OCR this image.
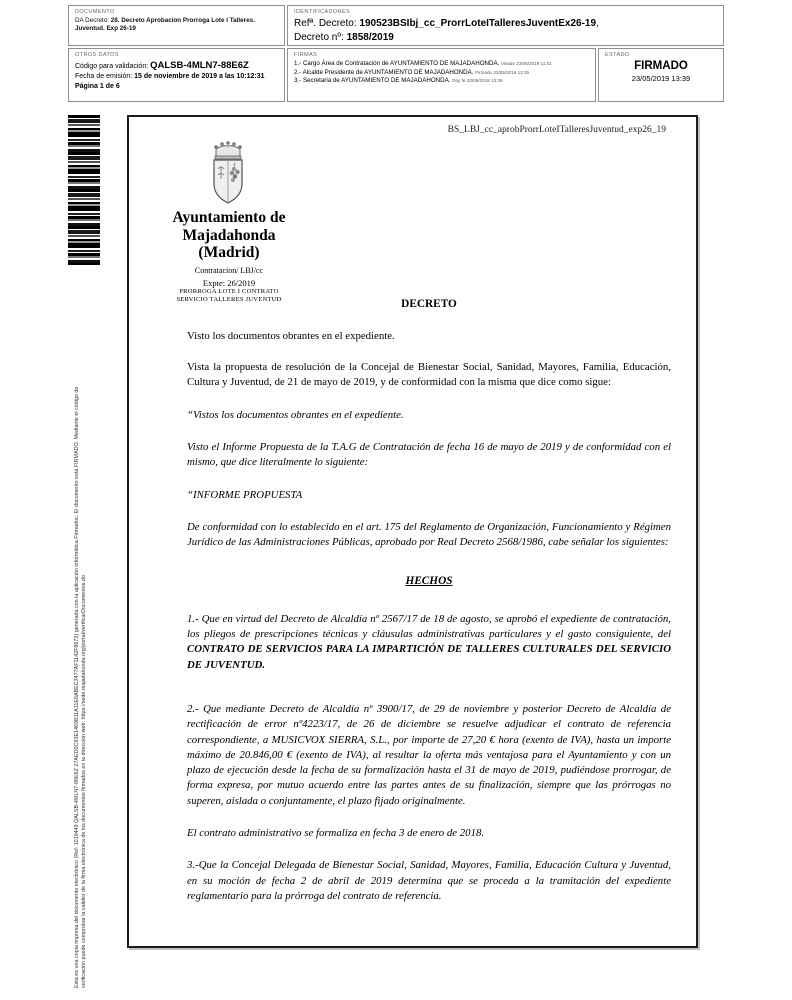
DOCUMENTO
DA Decreto: 28. Decreto Aprobacion Prorroga Lote I Talleres. Juventud. Exp 26-19
IDENTIFICADORES
Refª. Decreto: 190523BSIbj_cc_ProrrLoteITalleresJuventEx26-19,
Decreto nº: 1858/2019
OTROS DATOS
Código para validación: QALSB-4MLN7-88E6Z
Fecha de emisión: 15 de noviembre de 2019 a las 10:12:31
Página 1 de 6
FIRMAS
1.- Cargo Área de Contratación de AYUNTAMIENTO DE MAJADAHONDA. Visado 23/05/2019 11:01
2.- Alcalde Presidente de AYUNTAMIENTO DE MAJADAHONDA. Firmado 23/05/2019 13:35
3.- Secretaria de AYUNTAMIENTO DE MAJADAHONDA. Doy fe 23/05/2019 13:39
ESTADO
FIRMADO
23/05/2019 13:39
Esta es una copia impresa del documento electrónico (Ref: 1019449 QALSB-4MLN7-88E6Z 27AED0C93E1469B11A11E6ABEC3477AF1142F8672) generada con la aplicación informática Firmadoc. El documento está FIRMADO. Mediante el código de verificación puede comprobar la validez de la firma electrónica de los documentos firmados en la dirección web: https://sede.majadahonda.org/portal/verificarDocumentos.do
BS_LBJ_cc_aprobProrrLoteITalleresJuventud_exp26_19
Ayuntamiento de
Majadahonda
(Madrid)
Contratacion/ LBJ/cc
Expte: 26/2019
PRORROGA LOTE I CONTRATO
SERVICIO TALLERES JUVENTUD	DECRETO

Visto los documentos obrantes en el expediente.

Vista la propuesta de resolución de la Concejal de Bienestar Social, Sanidad, Mayores, Familia, Educación, Cultura y Juventud, de 21 de mayo de 2019, y de conformidad con la misma que dice como sigue:

“Vistos los documentos obrantes en el expediente.

Visto el Informe Propuesta de la T.A.G de Contratación de fecha 16 de mayo de 2019 y de conformidad con el mismo, que dice literalmente lo siguiente:

“INFORME PROPUESTA

De conformidad con lo establecido en el art. 175 del Reglamento de Organización, Funcionamiento y Régimen Jurídico de las Administraciones Públicas, aprobado por Real Decreto 2568/1986, cabe señalar los siguientes:

HECHOS

1.- Que en virtud del Decreto de Alcaldía nº 2567/17 de 18 de agosto, se aprobó el expediente de contratación, los pliegos de prescripciones técnicas y cláusulas administrativas particulares y el gasto consiguiente, del CONTRATO DE SERVICIOS PARA LA IMPARTICIÓN DE TALLERES CULTURALES DEL SERVICIO DE JUVENTUD.

2.- Que mediante Decreto de Alcaldía nº 3900/17, de 29 de noviembre y posterior Decreto de Alcaldía de rectificación de error nº4223/17, de 26 de diciembre se resuelve adjudicar el contrato de referencia correspondiente, a MUSICVOX SIERRA, S.L., por importe de 27,20 € hora (exento de IVA), hasta un importe máximo de 20.846,00 € (exento de IVA), al resultar la oferta más ventajosa para el Ayuntamiento y con un plazo de ejecución desde la fecha de su formalización hasta el 31 de mayo de 2019, pudiéndose prorrogar, de forma expresa, por mutuo acuerdo entre las partes antes de su finalización, siempre que las prórrogas no superen, aislada o conjuntamente, el plazo fijado originalmente.

El contrato administrativo se formaliza en fecha 3 de enero de 2018.

3.-Que la Concejal Delegada de Bienestar Social, Sanidad, Mayores, Familia, Educación Cultura y Juventud, en su moción de fecha 2 de abril de 2019 determina que se proceda a la tramitación del expediente reglamentario para la prórroga del contrato de referencia.
